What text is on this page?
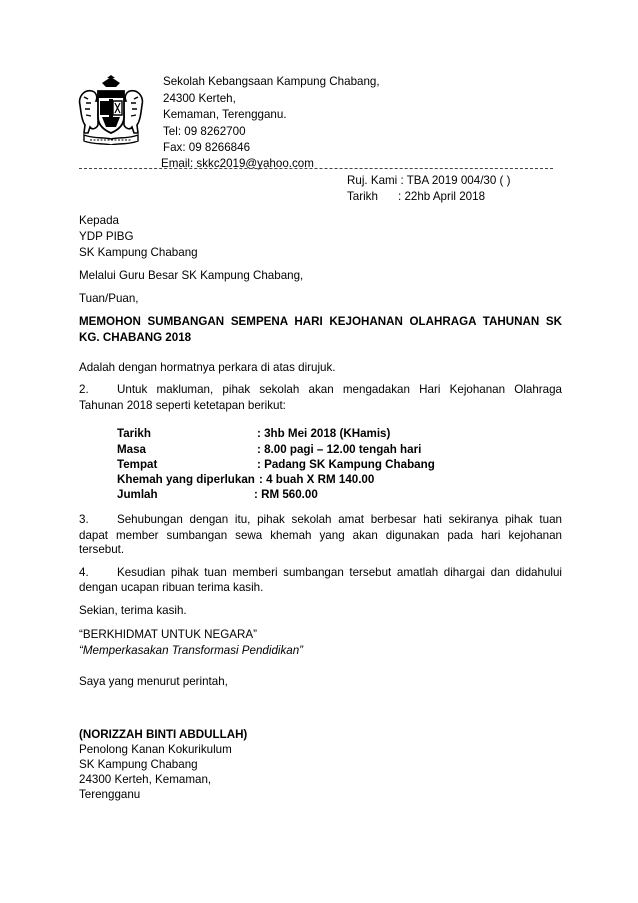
Sekolah Kebangsaan Kampung Chabang,
24300 Kerteh,
Kemaman, Terengganu.
Tel: 09 8262700
Fax: 09 8266846
Email: skkc2019@yahoo.com
Ruj. Kami : TBA 2019 004/30 ( )
Tarikh : 22hb April 2018
Kepada
YDP PIBG
SK Kampung Chabang
Melalui Guru Besar SK Kampung Chabang,
Tuan/Puan,
MEMOHON SUMBANGAN SEMPENA HARI KEJOHANAN OLAHRAGA TAHUNAN SK
KG. CHABANG 2018
Adalah dengan hormatnya perkara di atas dirujuk.
2. Untuk makluman, pihak sekolah akan mengadakan Hari Kejohanan Olahraga
Tahunan 2018 seperti ketetapan berikut:
Tarikh	: 3hb Mei 2018 (KHamis)
Masa	: 8.00 pagi – 12.00 tengah hari
Tempat	: Padang SK Kampung Chabang
Khemah yang diperlukan : 4 buah X RM 140.00
Jumlah	: RM 560.00
3. Sehubungan dengan itu, pihak sekolah amat berbesar hati sekiranya pihak tuan
dapat member sumbangan sewa khemah yang akan digunakan pada hari kejohanan
tersebut.
4. Kesudian pihak tuan memberi sumbangan tersebut amatlah dihargai dan didahului
dengan ucapan ribuan terima kasih.
Sekian, terima kasih.
“BERKHIDMAT UNTUK NEGARA”
“Memperkasakan Transformasi Pendidikan”
Saya yang menurut perintah,
(NORIZZAH BINTI ABDULLAH)
Penolong Kanan Kokurikulum
SK Kampung Chabang
24300 Kerteh, Kemaman,
Terengganu
